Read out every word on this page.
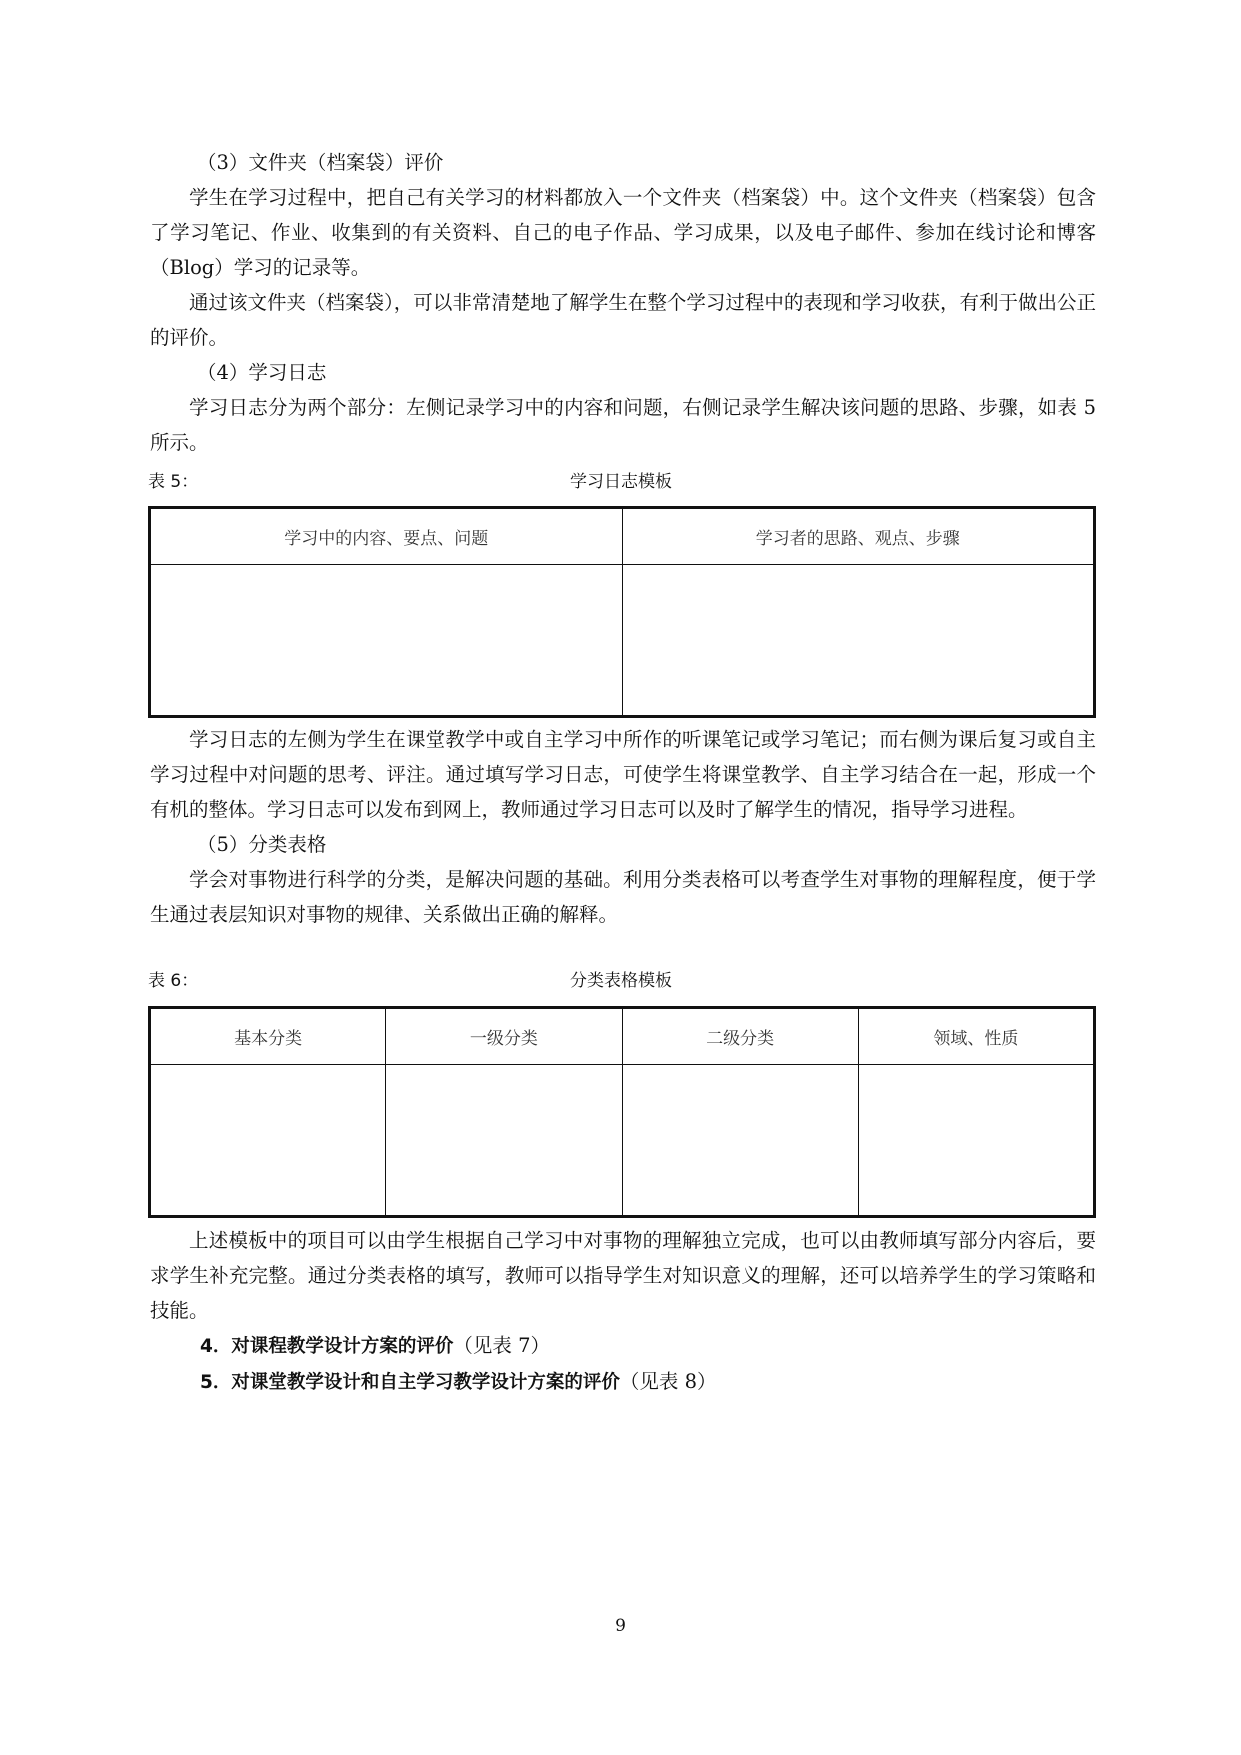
（3）文件夹（档案袋）评价

学生在学习过程中，把自己有关学习的材料都放入一个文件夹（档案袋）中。这个文件夹（档案袋）包含了学习笔记、作业、收集到的有关资料、自己的电子作品、学习成果，以及电子邮件、参加在线讨论和博客（Blog）学习的记录等。

通过该文件夹（档案袋），可以非常清楚地了解学生在整个学习过程中的表现和学习收获，有利于做出公正的评价。

（4）学习日志

学习日志分为两个部分：左侧记录学习中的内容和问题，右侧记录学生解决该问题的思路、步骤，如表 5 所示。

表 5：	学习日志模板
学习中的内容、要点、问题	学习者的思路、观点、步骤

学习日志的左侧为学生在课堂教学中或自主学习中所作的听课笔记或学习笔记；而右侧为课后复习或自主学习过程中对问题的思考、评注。通过填写学习日志，可使学生将课堂教学、自主学习结合在一起，形成一个有机的整体。学习日志可以发布到网上，教师通过学习日志可以及时了解学生的情况，指导学习进程。

（5）分类表格

学会对事物进行科学的分类，是解决问题的基础。利用分类表格可以考查学生对事物的理解程度，便于学生通过表层知识对事物的规律、关系做出正确的解释。

表 6：	分类表格模板
基本分类	一级分类	二级分类	领域、性质

上述模板中的项目可以由学生根据自己学习中对事物的理解独立完成，也可以由教师填写部分内容后，要求学生补充完整。通过分类表格的填写，教师可以指导学生对知识意义的理解，还可以培养学生的学习策略和技能。

4．对课程教学设计方案的评价（见表 7）

5．对课堂教学设计和自主学习教学设计方案的评价（见表 8）

9
